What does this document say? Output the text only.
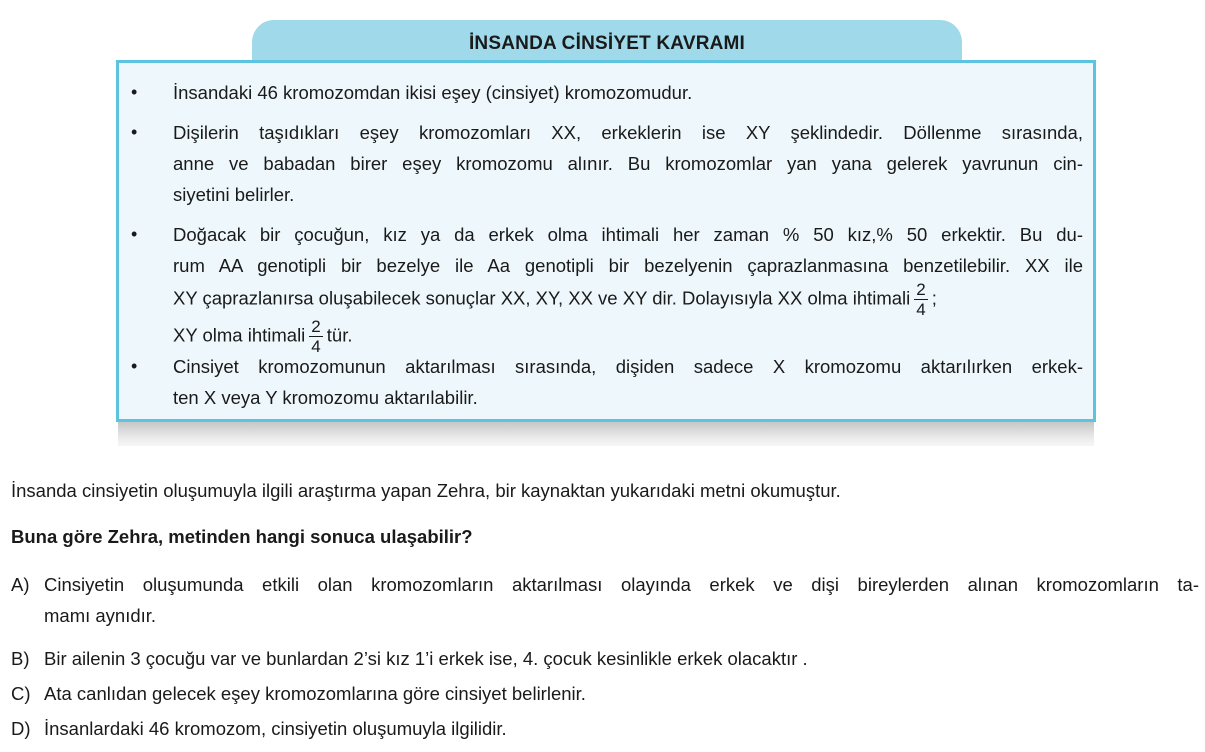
İNSANDA CİNSİYET KAVRAMI
• İnsandaki 46 kromozomdan ikisi eşey (cinsiyet) kromozomudur.
• Dişilerin taşıdıkları eşey kromozomları XX, erkeklerin ise XY şeklindedir. Döllenme sırasında,
anne ve babadan birer eşey kromozomu alınır. Bu kromozomlar yan yana gelerek yavrunun cin-
siyetini belirler.
• Doğacak bir çocuğun, kız ya da erkek olma ihtimali her zaman % 50 kız,% 50 erkektir. Bu du-
rum AA genotipli bir bezelye ile Aa genotipli bir bezelyenin çaprazlanmasına benzetilebilir. XX ile
XY çaprazlanırsa oluşabilecek sonuçlar XX, XY, XX ve XY dir. Dolayısıyla XX olma ihtimali $\frac{2}{4}$ ;
XY olma ihtimali $\frac{2}{4}$ tür.
• Cinsiyet kromozomunun aktarılması sırasında, dişiden sadece X kromozomu aktarılırken erkek-
ten X veya Y kromozomu aktarılabilir.
İnsanda cinsiyetin oluşumuyla ilgili araştırma yapan Zehra, bir kaynaktan yukarıdaki metni okumuştur.
Buna göre Zehra, metinden hangi sonuca ulaşabilir?
A) Cinsiyetin oluşumunda etkili olan kromozomların aktarılması olayında erkek ve dişi bireylerden alınan kromozomların ta-
mamı aynıdır.
B) Bir ailenin 3 çocuğu var ve bunlardan 2’si kız 1’i erkek ise, 4. çocuk kesinlikle erkek olacaktır .
C) Ata canlıdan gelecek eşey kromozomlarına göre cinsiyet belirlenir.
D) İnsanlardaki 46 kromozom, cinsiyetin oluşumuyla ilgilidir.
